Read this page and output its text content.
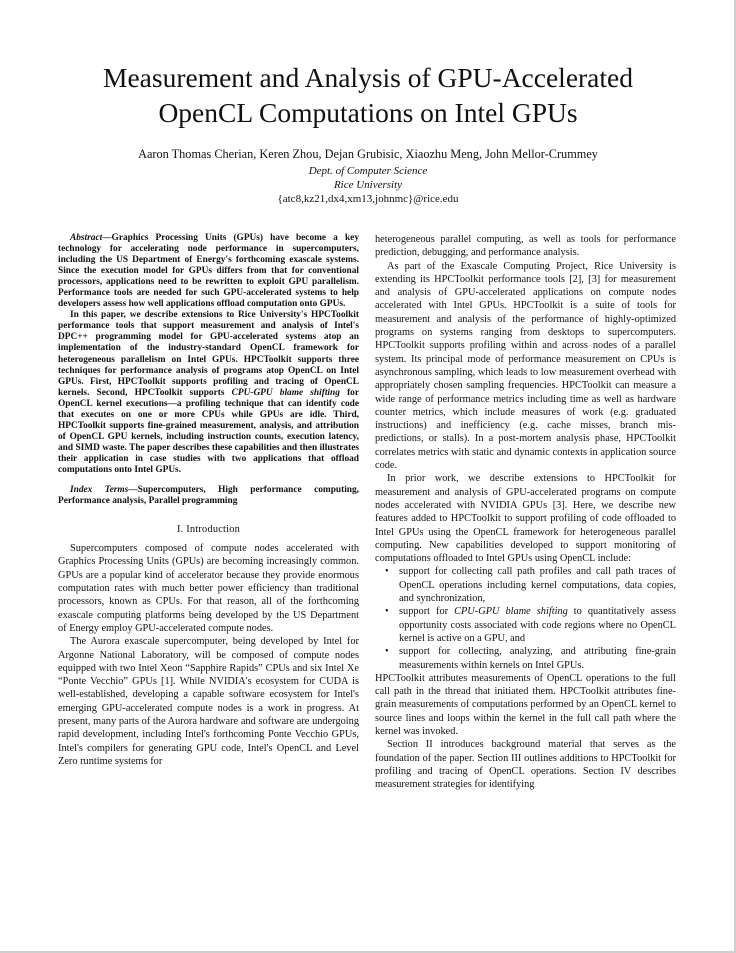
Measurement and Analysis of GPU-Accelerated
OpenCL Computations on Intel GPUs
Aaron Thomas Cherian, Keren Zhou, Dejan Grubisic, Xiaozhu Meng, John Mellor-Crummey
Dept. of Computer Science
Rice University
{atc8,kz21,dx4,xm13,johnmc}@rice.edu

Abstract—Graphics Processing Units (GPUs) have become a key technology for accelerating node performance in supercomputers, including the US Department of Energy's forthcoming exascale systems. Since the execution model for GPUs differs from that for conventional processors, applications need to be rewritten to exploit GPU parallelism. Performance tools are needed for such GPU-accelerated systems to help developers assess how well applications offload computation onto GPUs.

In this paper, we describe extensions to Rice University's HPCToolkit performance tools that support measurement and analysis of Intel's DPC++ programming model for GPU-accelerated systems atop an implementation of the industry-standard OpenCL framework for heterogeneous parallelism on Intel GPUs. HPCToolkit supports three techniques for performance analysis of programs atop OpenCL on Intel GPUs. First, HPCToolkit supports profiling and tracing of OpenCL kernels. Second, HPCToolkit supports CPU-GPU blame shifting for OpenCL kernel executions—a profiling technique that can identify code that executes on one or more CPUs while GPUs are idle. Third, HPCToolkit supports fine-grained measurement, analysis, and attribution of OpenCL GPU kernels, including instruction counts, execution latency, and SIMD waste. The paper describes these capabilities and then illustrates their application in case studies with two applications that offload computations onto Intel GPUs.

Index Terms—Supercomputers, High performance computing, Performance analysis, Parallel programming

I. Introduction

Supercomputers composed of compute nodes accelerated with Graphics Processing Units (GPUs) are becoming increasingly common. GPUs are a popular kind of accelerator because they provide enormous computation rates with much better power efficiency than traditional processors, known as CPUs. For that reason, all of the forthcoming exascale computing platforms being developed by the US Department of Energy employ GPU-accelerated compute nodes.

The Aurora exascale supercomputer, being developed by Intel for Argonne National Laboratory, will be composed of compute nodes equipped with two Intel Xeon “Sapphire Rapids” CPUs and six Intel Xe “Ponte Vecchio” GPUs [1]. While NVIDIA's ecosystem for CUDA is well-established, developing a capable software ecosystem for Intel's emerging GPU-accelerated compute nodes is a work in progress. At present, many parts of the Aurora hardware and software are undergoing rapid development, including Intel's forthcoming Ponte Vecchio GPUs, Intel's compilers for generating GPU code, Intel's OpenCL and Level Zero runtime systems for

heterogeneous parallel computing, as well as tools for performance prediction, debugging, and performance analysis.

As part of the Exascale Computing Project, Rice University is extending its HPCToolkit performance tools [2], [3] for measurement and analysis of GPU-accelerated applications on compute nodes accelerated with Intel GPUs. HPCToolkit is a suite of tools for measurement and analysis of the performance of highly-optimized programs on systems ranging from desktops to supercomputers. HPCToolkit supports profiling within and across nodes of a parallel system. Its principal mode of performance measurement on CPUs is asynchronous sampling, which leads to low measurement overhead with appropriately chosen sampling frequencies. HPCToolkit can measure a wide range of performance metrics including time as well as hardware counter metrics, which include measures of work (e.g. graduated instructions) and inefficiency (e.g. cache misses, branch mis-predictions, or stalls). In a post-mortem analysis phase, HPCToolkit correlates metrics with static and dynamic contexts in application source code.

In prior work, we describe extensions to HPCToolkit for measurement and analysis of GPU-accelerated programs on compute nodes accelerated with NVIDIA GPUs [3]. Here, we describe new features added to HPCToolkit to support profiling of code offloaded to Intel GPUs using the OpenCL framework for heterogeneous parallel computing. New capabilities developed to support monitoring of computations offloaded to Intel GPUs using OpenCL include:

• support for collecting call path profiles and call path traces of OpenCL operations including kernel computations, data copies, and synchronization,
• support for CPU-GPU blame shifting to quantitatively assess opportunity costs associated with code regions where no OpenCL kernel is active on a GPU, and
• support for collecting, analyzing, and attributing fine-grain measurements within kernels on Intel GPUs.

HPCToolkit attributes measurements of OpenCL operations to the full call path in the thread that initiated them. HPCToolkit attributes fine-grain measurements of computations performed by an OpenCL kernel to source lines and loops within the kernel in the full call path where the kernel was invoked.

Section II introduces background material that serves as the foundation of the paper. Section III outlines additions to HPCToolkit for profiling and tracing of OpenCL operations. Section IV describes measurement strategies for identifying
